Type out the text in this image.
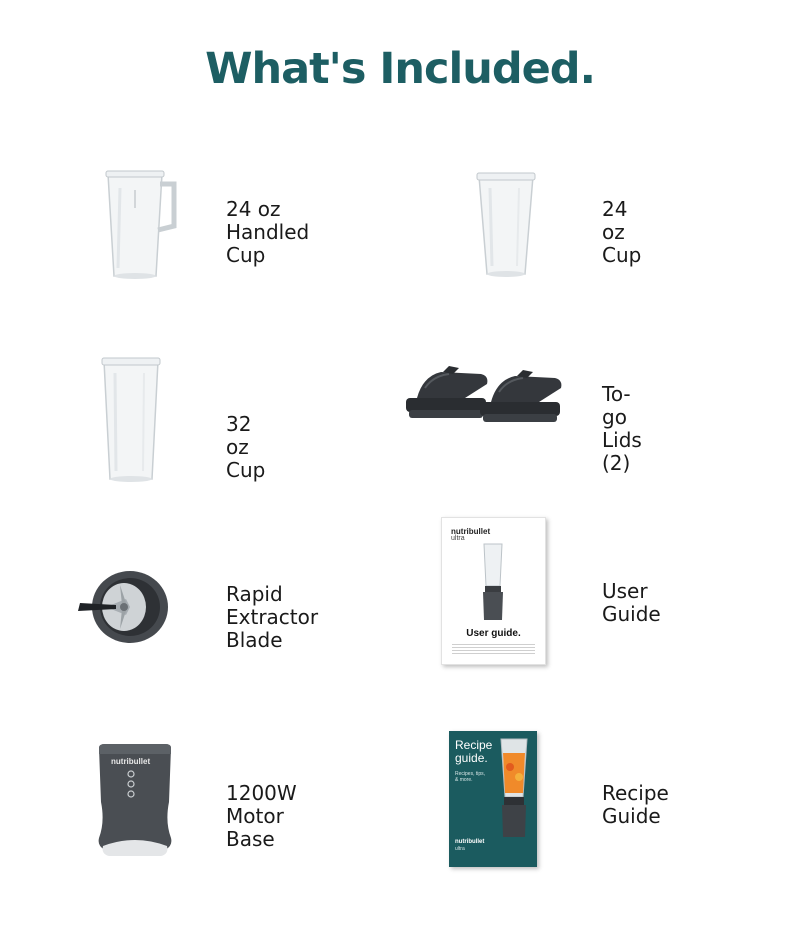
What's Included.
24 oz Handled
Cup
24 oz Cup
32 oz Cup
To-go Lids (2)
Rapid Extractor
Blade
nutribullet
ultra
User guide.
User Guide
nutribullet
1200W
Motor Base
Recipe
guide.
Recipes, tips,
& more.
nutribullet
ultra
Recipe Guide
